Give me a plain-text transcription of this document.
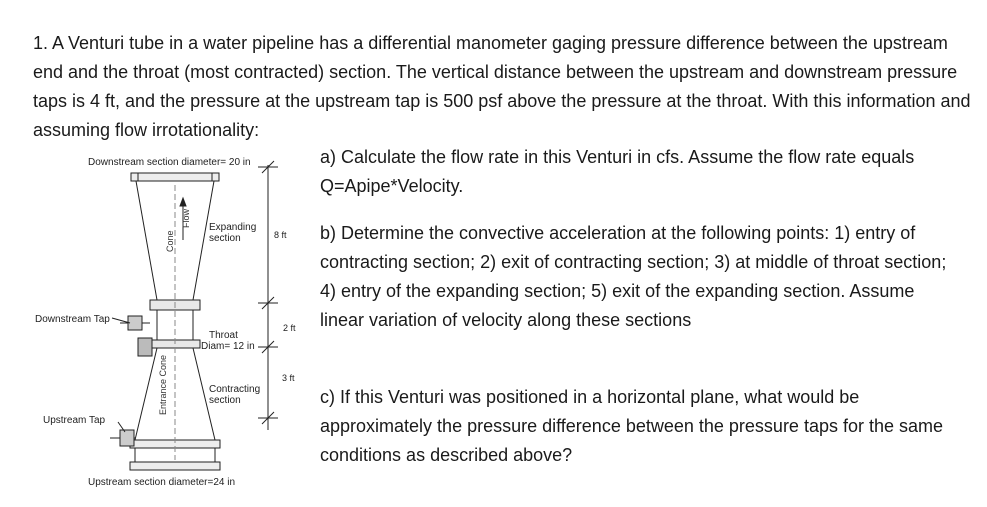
1. A Venturi tube in a water pipeline has a differential manometer gaging pressure difference between the upstream end and the throat (most contracted) section. The vertical distance between the upstream and downstream pressure taps is 4 ft, and the pressure at the upstream tap is 500 psf above the pressure at the throat. With this information and assuming flow irrotationality:

a) Calculate the flow rate in this Venturi in cfs. Assume the flow rate equals Q=Apipe*Velocity.

b) Determine the convective acceleration at the following points: 1) entry of contracting section; 2) exit of contracting section; 3) at middle of throat section; 4) entry of the expanding section; 5) exit of the expanding section. Assume linear variation of velocity along these sections

c) If this Venturi was positioned in a horizontal plane, what would be approximately the pressure difference between the pressure taps for the same conditions as described above?

Downstream section diameter= 20 in
Cone
Flow Expanding
section	8 ft
Downstream Tap
2 ft
Throat
Diam= 12 in
Entrance Cone	3 ft
Contracting
section
Upstream Tap
Upstream section diameter=24 in
